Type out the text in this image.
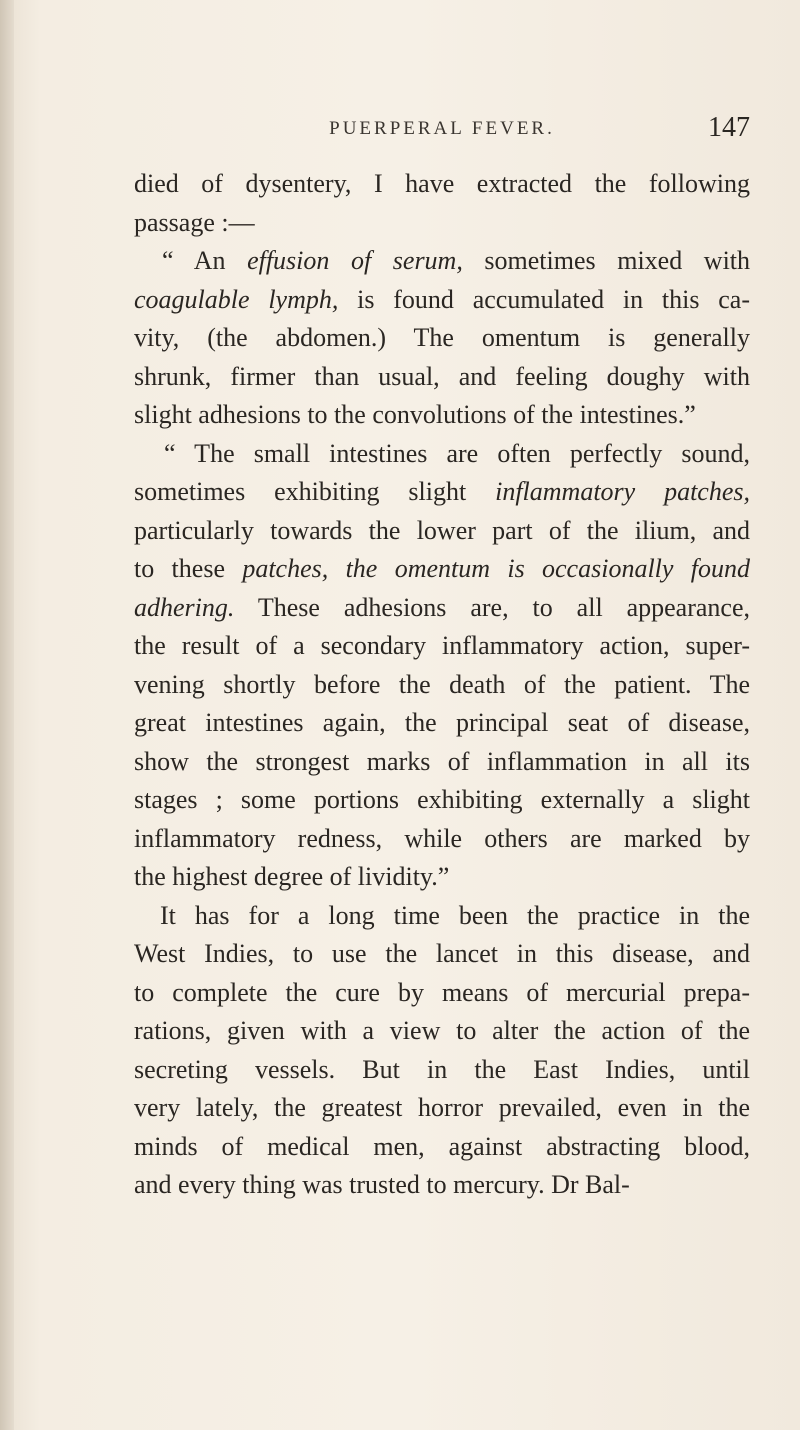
PUERPERAL FEVER.	147
died of dysentery, I have extracted the following
passage :—
“ An effusion of serum, sometimes mixed with
coagulable lymph, is found accumulated in this ca-
vity, (the abdomen.) The omentum is generally
shrunk, firmer than usual, and feeling doughy with
slight adhesions to the convolutions of the intestines.”
“ The small intestines are often perfectly sound,
sometimes exhibiting slight inflammatory patches,
particularly towards the lower part of the ilium, and
to these patches, the omentum is occasionally found
adhering. These adhesions are, to all appearance,
the result of a secondary inflammatory action, super-
vening shortly before the death of the patient. The
great intestines again, the principal seat of disease,
show the strongest marks of inflammation in all its
stages ; some portions exhibiting externally a slight
inflammatory redness, while others are marked by
the highest degree of lividity.”
It has for a long time been the practice in the
West Indies, to use the lancet in this disease, and
to complete the cure by means of mercurial prepa-
rations, given with a view to alter the action of the
secreting vessels. But in the East Indies, until
very lately, the greatest horror prevailed, even in the
minds of medical men, against abstracting blood,
and every thing was trusted to mercury. Dr Bal-
